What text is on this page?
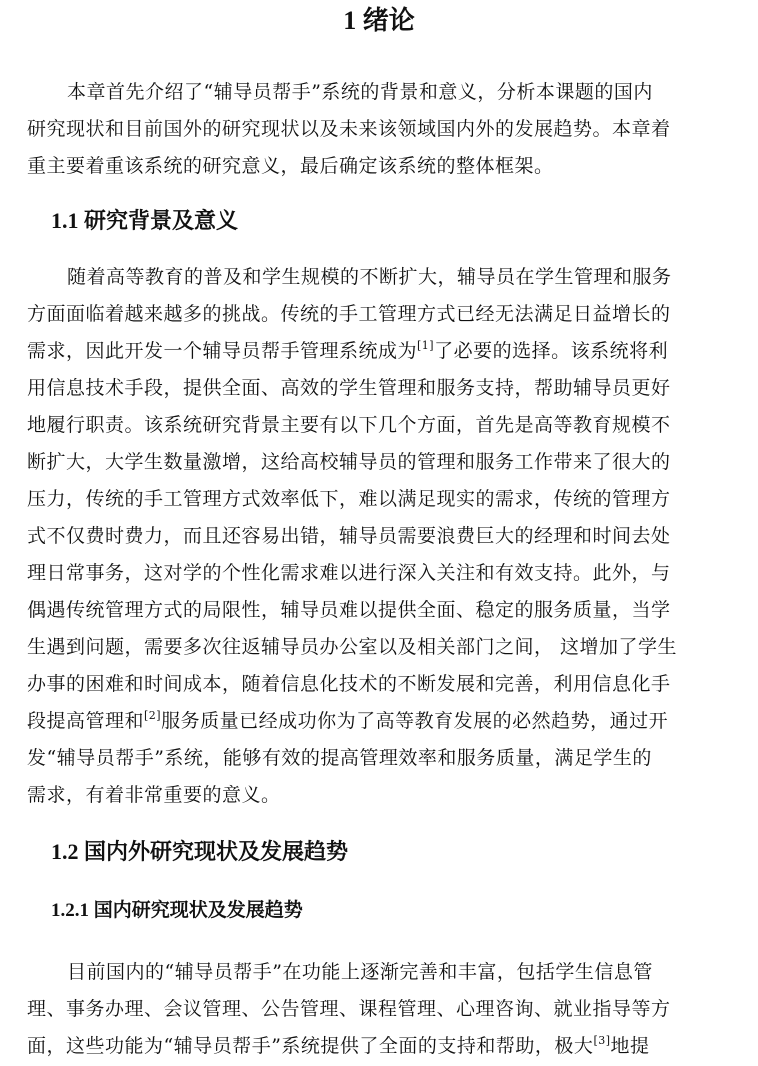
1 绪论
本章首先介绍了“辅导员帮手”系统的背景和意义，分析本课题的国内
研究现状和目前国外的研究现状以及未来该领域国内外的发展趋势。本章着
重主要着重该系统的研究意义，最后确定该系统的整体框架。
1.1 研究背景及意义
随着高等教育的普及和学生规模的不断扩大，辅导员在学生管理和服务
方面面临着越来越多的挑战。传统的手工管理方式已经无法满足日益增长的
需求，因此开发一个辅导员帮手管理系统成为[1]了必要的选择。该系统将利
用信息技术手段，提供全面、高效的学生管理和服务支持，帮助辅导员更好
地履行职责。该系统研究背景主要有以下几个方面，首先是高等教育规模不
断扩大，大学生数量激增，这给高校辅导员的管理和服务工作带来了很大的
压力，传统的手工管理方式效率低下，难以满足现实的需求，传统的管理方
式不仅费时费力，而且还容易出错，辅导员需要浪费巨大的经理和时间去处
理日常事务，这对学的个性化需求难以进行深入关注和有效支持。此外，与
偶遇传统管理方式的局限性，辅导员难以提供全面、稳定的服务质量，当学
生遇到问题，需要多次往返辅导员办公室以及相关部门之间， 这增加了学生
办事的困难和时间成本，随着信息化技术的不断发展和完善，利用信息化手
段提高管理和[2]服务质量已经成功你为了高等教育发展的必然趋势，通过开
发“辅导员帮手”系统，能够有效的提高管理效率和服务质量，满足学生的
需求，有着非常重要的意义。
1.2 国内外研究现状及发展趋势
1.2.1 国内研究现状及发展趋势
目前国内的“辅导员帮手”在功能上逐渐完善和丰富，包括学生信息管
理、事务办理、会议管理、公告管理、课程管理、心理咨询、就业指导等方
面，这些功能为“辅导员帮手”系统提供了全面的支持和帮助，极大[3]地提
